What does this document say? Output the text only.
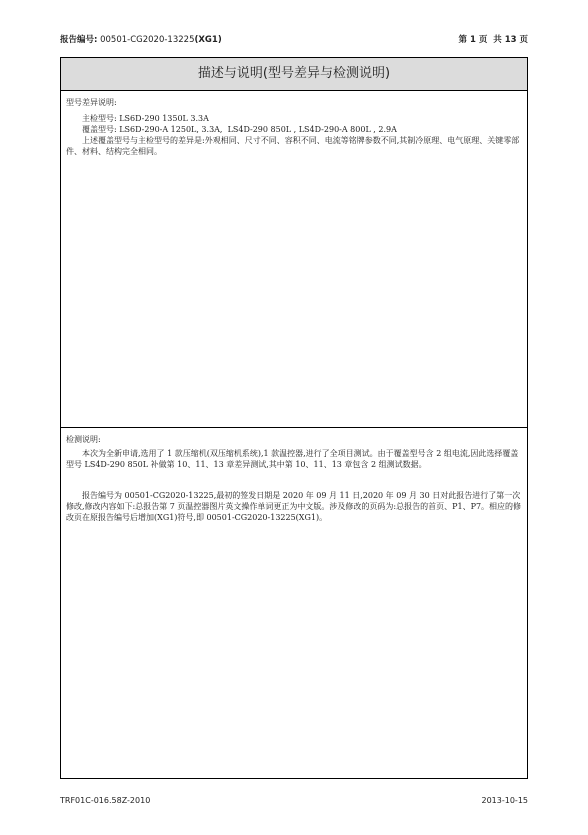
报告编号: 00501-CG2020-13225(XG1)	第 1 页  共 13 页
描述与说明(型号差异与检测说明)
型号差异说明:
主检型号: LS6D-290 1350L 3.3A
覆盖型号: LS6D-290-A 1250L, 3.3A,  LS4D-290 850L , LS4D-290-A 800L , 2.9A

上述覆盖型号与主检型号的差异是:外观相同、尺寸不同、容积不同、电流等铭牌参数不同,其制冷原理、电气原理、关键零部件、材料、结构完全相同。

检测说明:

本次为全新申请,选用了 1 款压缩机(双压缩机系统),1 款温控器,进行了全项目测试。由于覆盖型号含 2 组电流,因此选择覆盖型号 LS4D-290 850L 补做第 10、11、13 章差异测试,其中第 10、11、13 章包含 2 组测试数据。

报告编号为 00501-CG2020-13225,最初的签发日期是 2020 年 09 月 11 日,2020 年 09 月 30 日对此报告进行了第一次修改,修改内容如下:总报告第 7 页温控器图片英文操作单词更正为中文版。涉及修改的页码为:总报告的首页、P1、P7。相应的修改页在原报告编号后增加(XG1)符号,即 00501-CG2020-13225(XG1)。

TRF01C-016.58Z-2010	2013-10-15
